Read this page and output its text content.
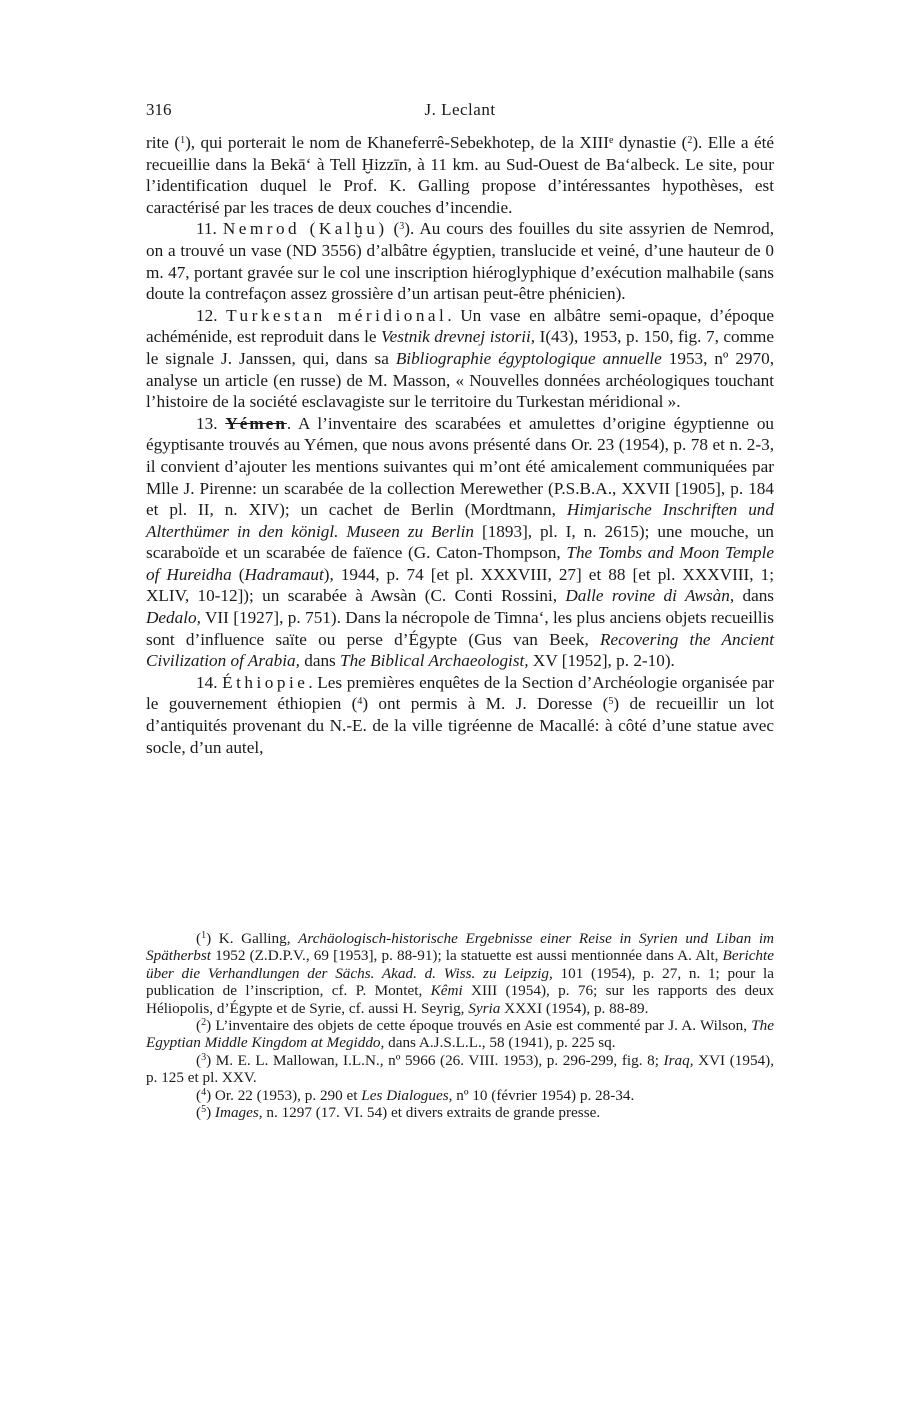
316	J. Leclant

rite ($^1$), qui porterait le nom de Khaneferrê-Sebekhotep, de la XIIIe dynastie ($^2$). Elle a été recueillie dans la Bekā‘ à Tell Ḫizzīn, à 11 km. au Sud-Ouest de Ba‘albeck. Le site, pour l’identification duquel le Prof. K. Galling propose d’intéressantes hypothèses, est caractérisé par les traces de deux couches d’incendie.

11. Nemrod (Kalḫu) ($^3$). Au cours des fouilles du site assyrien de Nemrod, on a trouvé un vase (ND 3556) d’albâtre égyptien, translucide et veiné, d’une hauteur de 0 m. 47, portant gravée sur le col une inscription hiéroglyphique d’exécution malhabile (sans doute la contrefaçon assez grossière d’un artisan peut-être phénicien).

12. Turkestan méridional. Un vase en albâtre semi-opaque, d’époque achéménide, est reproduit dans le Vestnik drevnej istorii, I(43), 1953, p. 150, fig. 7, comme le signale J. Janssen, qui, dans sa Bibliographie égyptologique annuelle 1953, nº 2970, analyse un article (en russe) de M. Masson, « Nouvelles données archéologiques touchant l’histoire de la société esclavagiste sur le territoire du Turkestan méridional ».

13. Yémen. A l’inventaire des scarabées et amulettes d’origine égyptienne ou égyptisante trouvés au Yémen, que nous avons présenté dans Or. 23 (1954), p. 78 et n. 2-3, il convient d’ajouter les mentions suivantes qui m’ont été amicalement communiquées par Mlle J. Pirenne: un scarabée de la collection Merewether (P.S.B.A., XXVII [1905], p. 184 et pl. II, n. XIV); un cachet de Berlin (Mordtmann, Himjarische Inschriften und Alterthümer in den königl. Museen zu Berlin [1893], pl. I, n. 2615); une mouche, un scaraboïde et un scarabée de faïence (G. Caton-Thompson, The Tombs and Moon Temple of Hureidha (Hadramaut), 1944, p. 74 [et pl. XXXVIII, 27] et 88 [et pl. XXXVIII, 1; XLIV, 10-12]); un scarabée à Awsàn (C. Conti Rossini, Dalle rovine di Awsàn, dans Dedalo, VII [1927], p. 751). Dans la nécropole de Timna‘, les plus anciens objets recueillis sont d’influence saïte ou perse d’Égypte (Gus van Beek, Recovering the Ancient Civilization of Arabia, dans The Biblical Archaeologist, XV [1952], p. 2-10).

14. Éthiopie. Les premières enquêtes de la Section d’Archéologie organisée par le gouvernement éthiopien ($^4$) ont permis à M. J. Doresse ($^5$) de recueillir un lot d’antiquités provenant du N.-E. de la ville tigréenne de Macallé: à côté d’une statue avec socle, d’un autel,

($^1$) K. Galling, Archäologisch-historische Ergebnisse einer Reise in Syrien und Liban im Spätherbst 1952 (Z.D.P.V., 69 [1953], p. 88-91); la statuette est aussi mentionnée dans A. Alt, Berichte über die Verhandlungen der Sächs. Akad. d. Wiss. zu Leipzig, 101 (1954), p. 27, n. 1; pour la publication de l’inscription, cf. P. Montet, Kêmi XIII (1954), p. 76; sur les rapports des deux Héliopolis, d’Égypte et de Syrie, cf. aussi H. Seyrig, Syria XXXI (1954), p. 88-89.

($^2$) L’inventaire des objets de cette époque trouvés en Asie est commenté par J. A. Wilson, The Egyptian Middle Kingdom at Megiddo, dans A.J.S.L.L., 58 (1941), p. 225 sq.

($^3$) M. E. L. Mallowan, I.L.N., nº 5966 (26. VIII. 1953), p. 296-299, fig. 8; Iraq, XVI (1954), p. 125 et pl. XXV.

($^4$) Or. 22 (1953), p. 290 et Les Dialogues, nº 10 (février 1954) p. 28-34.

($^5$) Images, n. 1297 (17. VI. 54) et divers extraits de grande presse.
